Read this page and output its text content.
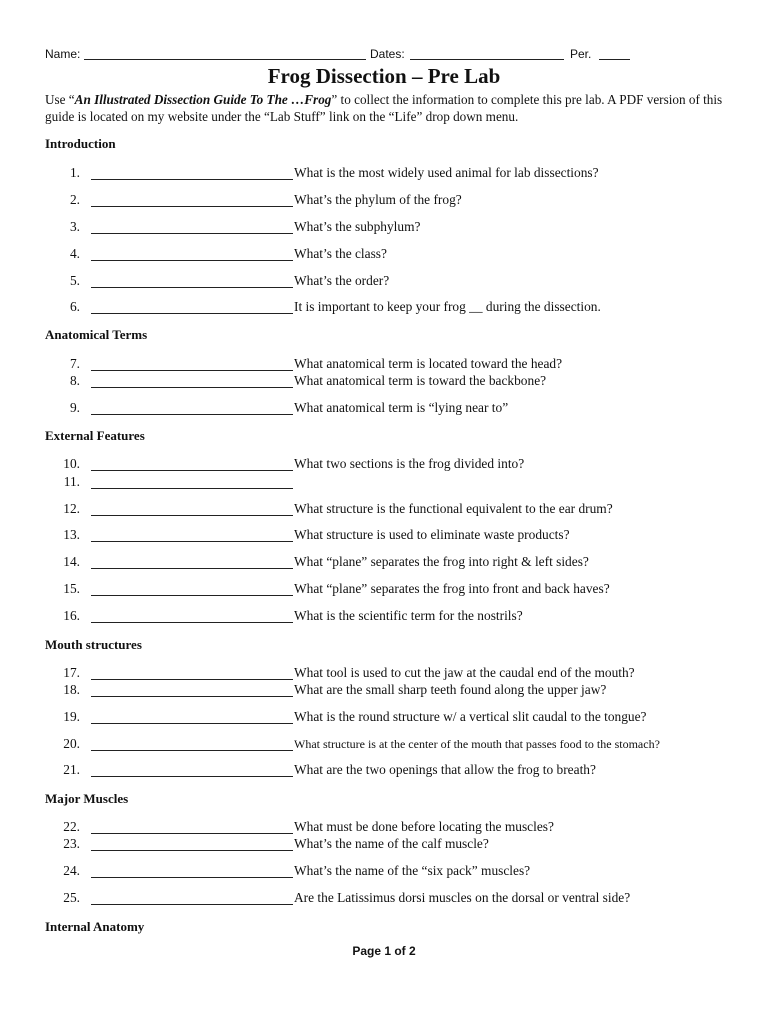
Name:	Dates:	Per.
Frog Dissection – Pre Lab
Use “An Illustrated Dissection Guide To The …Frog” to collect the information to complete this pre lab. A PDF version of this guide is located on my website under the “Lab Stuff” link on the “Life” drop down menu.
Introduction
Anatomical Terms
External Features
Mouth structures
Major Muscles
Internal Anatomy
1.	What is the most widely used animal for lab dissections?
2.	What’s the phylum of the frog?
3.	What’s the subphylum?
4.	What’s the class?
5.	What’s the order?
6.	It is important to keep your frog __ during the dissection.
7.	What anatomical term is located toward the head?
8.	What anatomical term is toward the backbone?
9.	What anatomical term is “lying near to”
10.	What two sections is the frog divided into?
11.
12.	What structure is the functional equivalent to the ear drum?
13.	What structure is used to eliminate waste products?
14.	What “plane” separates the frog into right & left sides?
15.	What “plane” separates the frog into front and back haves?
16.	What is the scientific term for the nostrils?
17.	What tool is used to cut the jaw at the caudal end of the mouth?
18.	What are the small sharp teeth found along the upper jaw?
19.	What is the round structure w/ a vertical slit caudal to the tongue?
20.	What structure is at the center of the mouth that passes food to the stomach?
21.	What are the two openings that allow the frog to breath?
22.	What must be done before locating the muscles?
23.	What’s the name of the calf muscle?
24.	What’s the name of the “six pack” muscles?
25.	Are the Latissimus dorsi muscles on the dorsal or ventral side?
Page 1 of 2
